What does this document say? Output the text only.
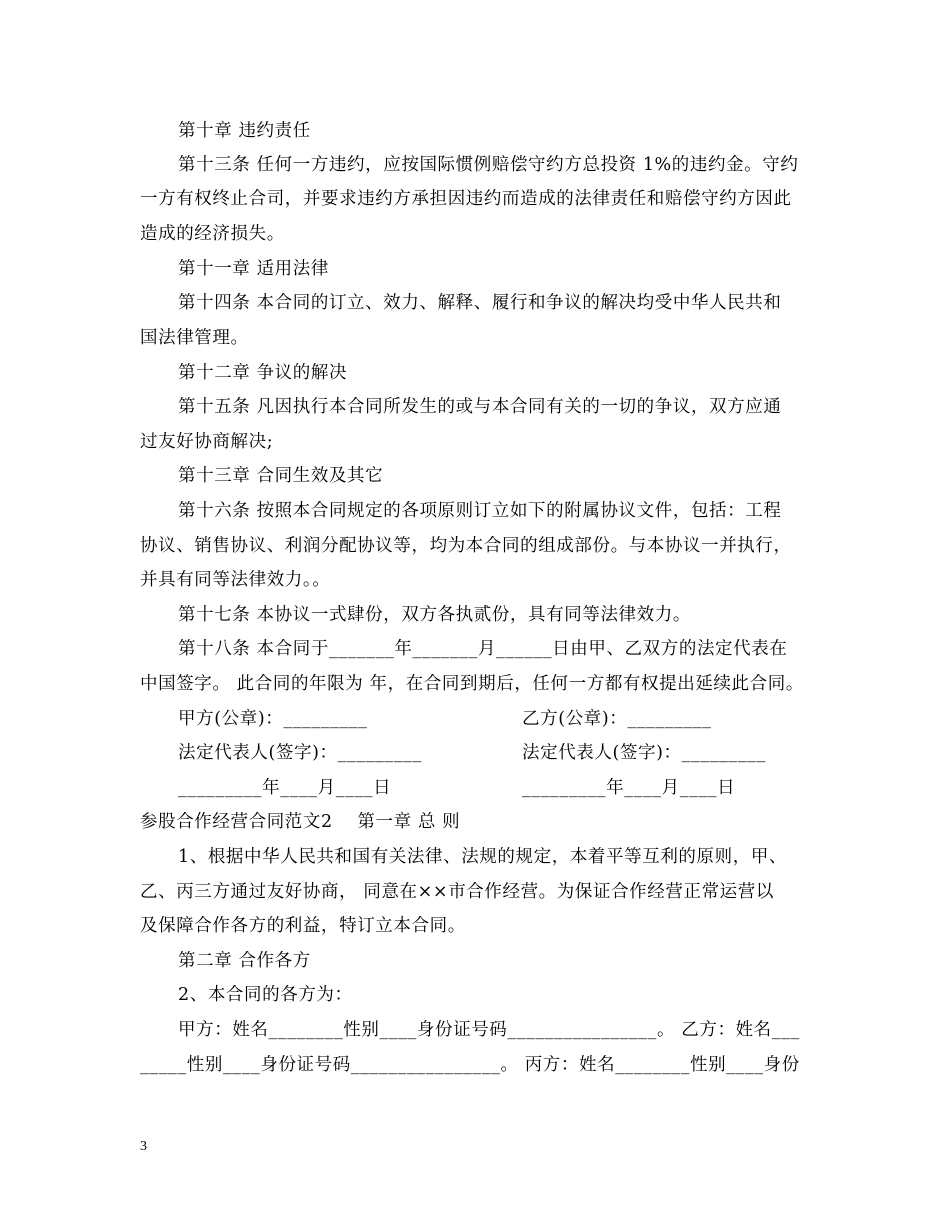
第十章 违约责任
第十三条 任何一方违约，应按国际惯例赔偿守约方总投资 1%的违约金。守约
一方有权终止合司，并要求违约方承担因违约而造成的法律责任和赔偿守约方因此
造成的经济损失。
第十一章 适用法律
第十四条 本合同的订立、效力、解释、履行和争议的解决均受中华人民共和
国法律管理。
第十二章 争议的解决
第十五条 凡因执行本合同所发生的或与本合同有关的一切的争议，双方应通
过友好协商解决;
第十三章 合同生效及其它
第十六条 按照本合同规定的各项原则订立如下的附属协议文件，包括：工程
协议、销售协议、利润分配协议等，均为本合同的组成部份。与本协议一并执行，
并具有同等法律效力。。
第十七条 本协议一式肆份，双方各执贰份，具有同等法律效力。
第十八条 本合同于_______年_______月______日由甲、乙双方的法定代表在
中国签字。 此合同的年限为 年，在合同到期后，任何一方都有权提出延续此合同。
甲方(公章)：_________	乙方(公章)：_________
法定代表人(签字)：_________	法定代表人(签字)：_________
_________年____月____日	_________年____月____日
参股合作经营合同范文2    第一章 总 则
1、根据中华人民共和国有关法律、法规的规定，本着平等互利的原则，甲、
乙、丙三方通过友好协商， 同意在××市合作经营。为保证合作经营正常运营以
及保障合作各方的利益，特订立本合同。
第二章 合作各方
2、本合同的各方为：
甲方：姓名________性别____身份证号码________________。 乙方：姓名___
_____性别____身份证号码________________。 丙方：姓名________性别____身份
3
